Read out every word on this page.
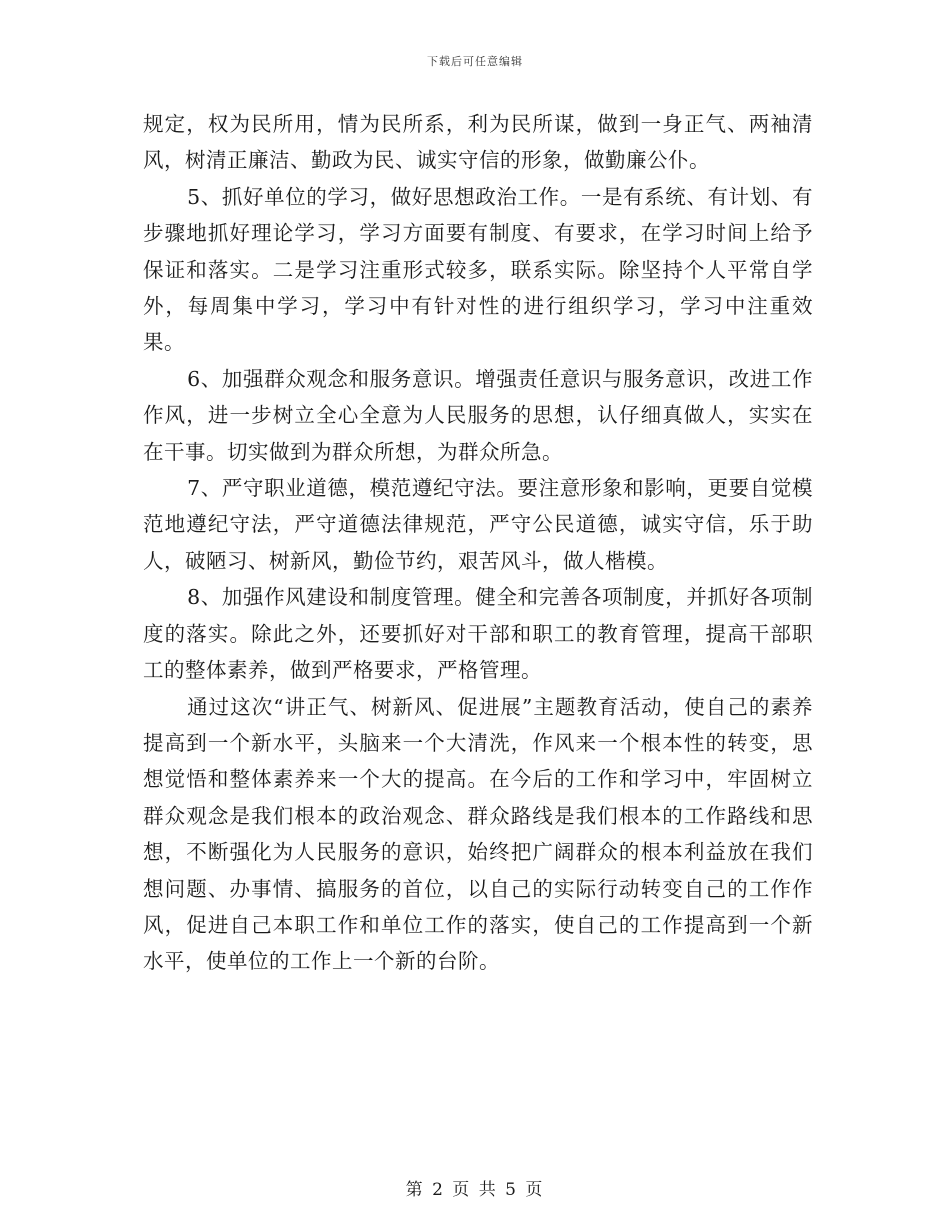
下载后可任意编辑

规定，权为民所用，情为民所系，利为民所谋，做到一身正气、两袖清风，树清正廉洁、勤政为民、诚实守信的形象，做勤廉公仆。

5、抓好单位的学习，做好思想政治工作。一是有系统、有计划、有步骤地抓好理论学习，学习方面要有制度、有要求，在学习时间上给予保证和落实。二是学习注重形式较多，联系实际。除坚持个人平常自学外，每周集中学习，学习中有针对性的进行组织学习，学习中注重效果。

6、加强群众观念和服务意识。增强责任意识与服务意识，改进工作作风，进一步树立全心全意为人民服务的思想，认仔细真做人，实实在在干事。切实做到为群众所想，为群众所急。

7、严守职业道德，模范遵纪守法。要注意形象和影响，更要自觉模范地遵纪守法，严守道德法律规范，严守公民道德，诚实守信，乐于助人，破陋习、树新风，勤俭节约，艰苦风斗，做人楷模。

8、加强作风建设和制度管理。健全和完善各项制度，并抓好各项制度的落实。除此之外，还要抓好对干部和职工的教育管理，提高干部职工的整体素养，做到严格要求，严格管理。

通过这次“讲正气、树新风、促进展”主题教育活动，使自己的素养提高到一个新水平，头脑来一个大清洗，作风来一个根本性的转变，思想觉悟和整体素养来一个大的提高。在今后的工作和学习中，牢固树立群众观念是我们根本的政治观念、群众路线是我们根本的工作路线和思想，不断强化为人民服务的意识，始终把广阔群众的根本利益放在我们想问题、办事情、搞服务的首位，以自己的实际行动转变自己的工作作风，促进自己本职工作和单位工作的落实，使自己的工作提高到一个新水平，使单位的工作上一个新的台阶。

第 2 页 共 5 页
